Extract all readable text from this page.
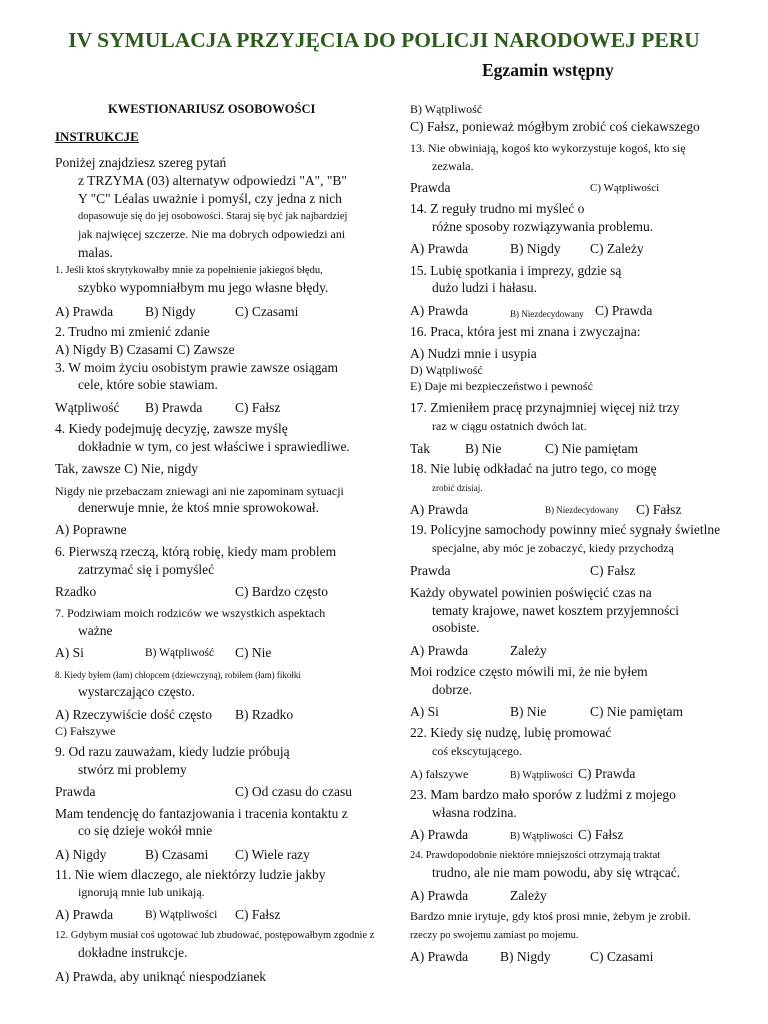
IV SYMULACJA PRZYJĘCIA DO POLICJI NARODOWEJ PERU
Egzamin wstępny
KWESTIONARIUSZ OSOBOWOŚCI
INSTRUKCJE
Poniżej znajdziesz szereg pytań
z TRZYMA (03) alternatyw odpowiedzi "A", "B"
Y "C" Léalas uważnie i pomyśl, czy jedna z nich
dopasowuje się do jej osobowości. Staraj się być jak najbardziej
jak najwięcej szczerze. Nie ma dobrych odpowiedzi ani
malas.
1. Jeśli ktoś skrytykowałby mnie za popełnienie jakiegoś błędu,
szybko wypomniałbym mu jego własne błędy.
A) Prawda B) Nigdy	C) Czasami
2. Trudno mi zmienić zdanie
A) Nigdy B) Czasami C) Zawsze
3. W moim życiu osobistym prawie zawsze osiągam
cele, które sobie stawiam.
Wątpliwość B) Prawda C) Fałsz
4. Kiedy podejmuję decyzję, zawsze myślę
dokładnie w tym, co jest właściwe i sprawiedliwe.
Tak, zawsze C) Nie, nigdy
Nigdy nie przebaczam zniewagi ani nie zapominam sytuacji
denerwuje mnie, że ktoś mnie sprowokował.
A) Poprawne
6. Pierwszą rzeczą, którą robię, kiedy mam problem
zatrzymać się i pomyśleć
Rzadko	C) Bardzo często
7. Podziwiam moich rodziców we wszystkich aspektach
ważne
A) Si	B) Wątpliwość C) Nie
8. Kiedy byłem (łam) chłopcem (dziewczyną), robiłem (łam) fikołki
wystarczająco często.
A) Rzeczywiście dość często B) Rzadko
C) Fałszywe
9. Od razu zauważam, kiedy ludzie próbują
stwórz mi problemy
Prawda	C) Od czasu do czasu
Mam tendencję do fantazjowania i tracenia kontaktu z
co się dzieje wokół mnie
A) Nigdy	B) Czasami C) Wiele razy
11. Nie wiem dlaczego, ale niektórzy ludzie jakby
ignorują mnie lub unikają.
A) Prawda	B) Wątpliwości C) Fałsz
12. Gdybym musiał coś ugotować lub zbudować, postępowałbym zgodnie z
dokładne instrukcje.
A) Prawda, aby uniknąć niespodzianek
B) Wątpliwość
C) Fałsz, ponieważ mógłbym zrobić coś ciekawszego
13. Nie obwiniają, kogoś kto wykorzystuje kogoś, kto się
zezwala.
Prawda	C) Wątpliwości
14. Z reguły trudno mi myśleć o
różne sposoby rozwiązywania problemu.
A) Prawda	B) Nigdy C) Zależy
15. Lubię spotkania i imprezy, gdzie są
dużo ludzi i hałasu.
A) Prawda	B) Niezdecydowany C) Prawda
16. Praca, która jest mi znana i zwyczajna:
A) Nudzi mnie i usypia
D) Wątpliwość
E) Daje mi bezpieczeństwo i pewność
17. Zmieniłem pracę przynajmniej więcej niż trzy
raz w ciągu ostatnich dwóch lat.
Tak	B) Nie	C) Nie pamiętam
18. Nie lubię odkładać na jutro tego, co mogę
zrobić dzisiaj.
A) Prawda	B) Niezdecydowany C) Fałsz
19. Policyjne samochody powinny mieć sygnały świetlne
specjalne, aby móc je zobaczyć, kiedy przychodzą
Prawda	C) Fałsz
Każdy obywatel powinien poświęcić czas na
tematy krajowe, nawet kosztem przyjemności
osobiste.
A) Prawda	Zależy
Moi rodzice często mówili mi, że nie byłem
dobrze.
A) Si	B) Nie	C) Nie pamiętam
22. Kiedy się nudzę, lubię promować
coś ekscytującego.
A) fałszywe	B) Wątpliwości C) Prawda
23. Mam bardzo mało sporów z ludźmi z mojego
własna rodzina.
A) Prawda	B) Wątpliwości C) Fałsz
24. Prawdopodobnie niektóre mniejszości otrzymają traktat
trudno, ale nie mam powodu, aby się wtrącać.
A) Prawda	Zależy
Bardzo mnie irytuje, gdy ktoś prosi mnie, żebym je zrobił.
rzeczy po swojemu zamiast po mojemu.
A) Prawda B) Nigdy	C) Czasami
